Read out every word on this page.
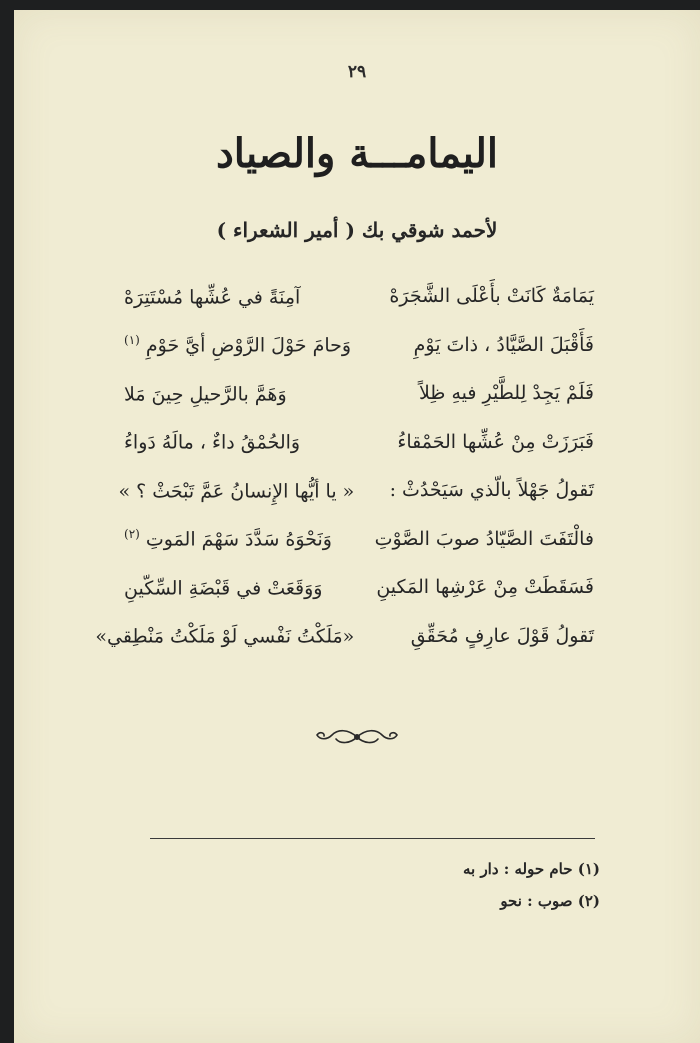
٢٩
اليمامـــة والصياد
لأحمد شوقي بك ( أمير الشعراء )
يَمَامَةٌ كَانَتْ بأَعْلَى الشَّجَرَهْ
آمِنَةً في عُشِّها مُسْتَتِرَهْ
فَأَقْبَلَ الصَّيَّادُ ، ذاتَ يَوْمِ
وَحامَ حَوْلَ الرَّوْضِ أيَّ حَوْمِ $^{(١)}$
فَلَمْ يَجِدْ لِلطَّيْرِ فيهِ ظِلاً
وَهَمَّ بالرَّحيلِ حِينَ مَلا
فَبَرَزَتْ مِنْ عُشِّها الحَمْقاءُ
وَالحُمْقُ داءٌ ، مالَهُ دَواءُ
تَقولُ جَهْلاً بالّذي سَيَحْدُثْ :
« يا أيُّها الإِنسانُ عَمَّ تَبْحَثْ ؟ »
فالْتَفَتَ الصَّيّادُ صوبَ الصَّوْتِ
وَنَحْوَهُ سَدَّدَ سَهْمَ المَوتِ $^{(٢)}$
فَسَقَطَتْ مِنْ عَرْشِها المَكينِ
وَوَقَعَتْ في قَبْضَةِ السِّكّينِ
تَقولُ قَوْلَ عارِفٍ مُحَقِّقِ
«مَلَكْتُ نَفْسي لَوْ مَلَكْتُ مَنْطِقي»
(١) حام حوله : دار به
(٢) صوب : نحو
